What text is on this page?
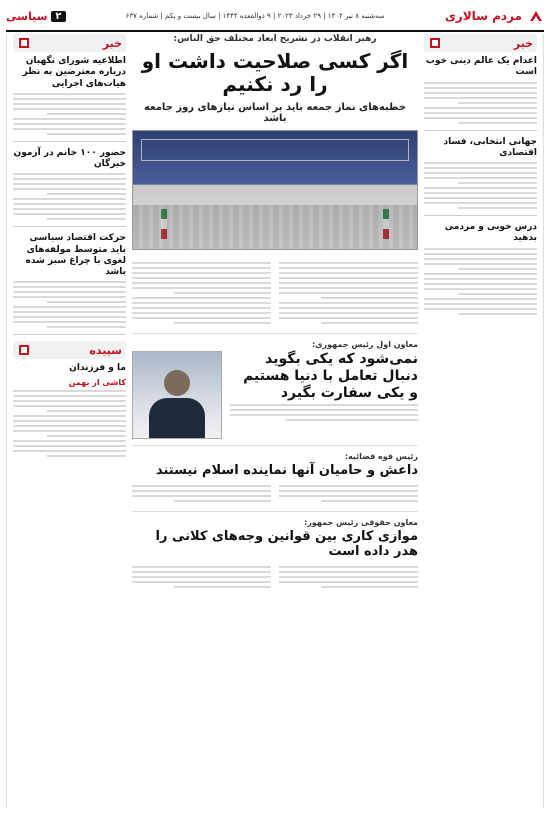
مردم سالاری
سه‌شنبه ۸ تیر ۱۴۰۲ | ۲۹ خرداد ۲۰۲۳ | ۹ ذوالقعده ۱۴۴۴ | سال بیست و یکم | شماره ۶۳۷
۲
سیاسی
خبر
اعدام یک عالم دینی خوب است
جهانی انتخابی، فساد اقتصادی
درس خوبی و مردمی بدهید
رهبر انقلاب در تشریح ابعاد مختلف حق الناس:
اگر کسی صلاحیت داشت او را رد نکنیم
خطبه‌های نماز جمعه باید بر اساس نیازهای روز جامعه باشد
معاون اول رئیس جمهوری:
نمی‌شود که یکی بگوید دنبال تعامل با دنیا هستیم و یکی سفارت بگیرد
رئیس قوه قضائیه:
داعش و حامیان آنها نماینده اسلام نیستند
معاون حقوقی رئیس جمهور:
موازی کاری بین قوانین وجه‌های کلانی را هدر داده است
خبر
اطلاعیه شورای نگهبان درباره معترضین به نظر هیات‌های اجرایی
حضور ۱۰۰ خانم در آزمون خبرگان
حرکت اقتصاد سیاسی باید متوسط مولفه‌های لغوی با چراغ سبز شده باشد
سپیده
ما و فرزندان
کاشی از بهمن
